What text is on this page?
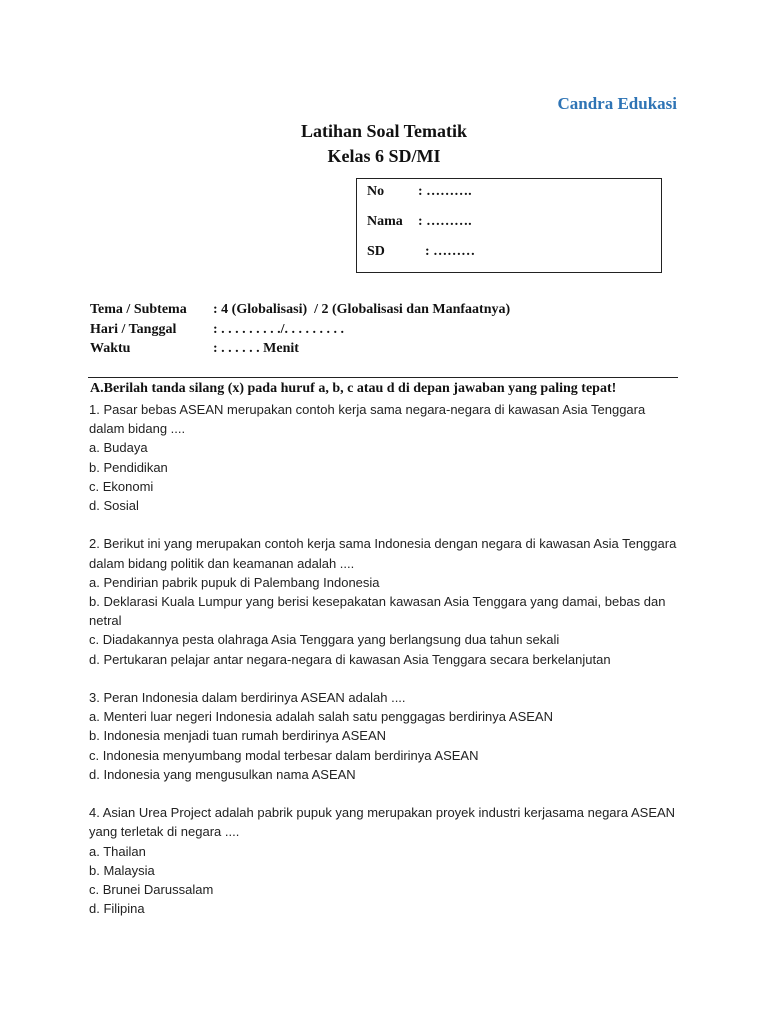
Candra Edukasi
Latihan Soal Tematik
Kelas 6 SD/MI
No : ……….
Nama : ……….
SD  : ………
Tema / Subtema : 4 (Globalisasi)  / 2 (Globalisasi dan Manfaatnya)
Hari / Tanggal	: . . . . . . . . ./. . . . . . . . .
Waktu	: . . . . . . Menit
A.Berilah tanda silang (x) pada huruf a, b, c atau d di depan jawaban yang paling tepat!
1. Pasar bebas ASEAN merupakan contoh kerja sama negara-negara di kawasan Asia Tenggara dalam bidang ....
a. Budaya
b. Pendidikan
c. Ekonomi
d. Sosial
2. Berikut ini yang merupakan contoh kerja sama Indonesia dengan negara di kawasan Asia Tenggara dalam bidang politik dan keamanan adalah ....
a. Pendirian pabrik pupuk di Palembang Indonesia
b. Deklarasi Kuala Lumpur yang berisi kesepakatan kawasan Asia Tenggara yang damai, bebas dan netral
c. Diadakannya pesta olahraga Asia Tenggara yang berlangsung dua tahun sekali
d. Pertukaran pelajar antar negara-negara di kawasan Asia Tenggara secara berkelanjutan
3. Peran Indonesia dalam berdirinya ASEAN adalah ....
a. Menteri luar negeri Indonesia adalah salah satu penggagas berdirinya ASEAN
b. Indonesia menjadi tuan rumah berdirinya ASEAN
c. Indonesia menyumbang modal terbesar dalam berdirinya ASEAN
d. Indonesia yang mengusulkan nama ASEAN
4. Asian Urea Project adalah pabrik pupuk yang merupakan proyek industri kerjasama negara ASEAN yang terletak di negara ....
a. Thailan
b. Malaysia
c. Brunei Darussalam
d. Filipina
